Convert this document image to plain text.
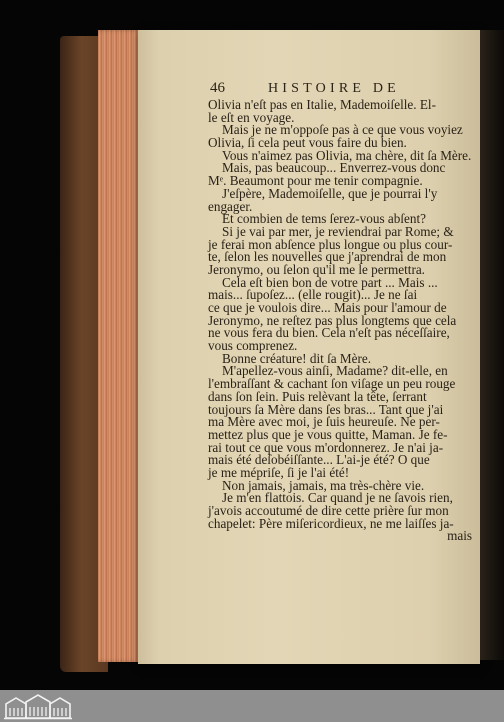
46	HISTOIRE DE
Olivia n'eſt pas en Italie, Mademoiſelle. El-
le eſt en voyage.
Mais je ne m'oppoſe pas à ce que vous voyiez
Olivia, ſi cela peut vous faire du bien.
Vous n'aimez pas Olivia, ma chère, dit ſa Mère.
Mais, pas beaucoup... Enverrez-vous donc
Mᵉ. Beaumont pour me tenir compagnie.
J'eſpère, Mademoiſelle, que je pourrai l'y
engager.
Et combien de tems ſerez-vous abſent?
Si je vai par mer, je reviendrai par Rome; &
je ferai mon abſence plus longue ou plus cour-
te, ſelon les nouvelles que j'aprendrai de mon
Jeronymo, ou ſelon qu'il me le permettra.
Cela eſt bien bon de votre part ... Mais ...
mais... ſupoſez... (elle rougit)... Je ne ſai
ce que je voulois dire... Mais pour l'amour de
Jeronymo, ne reſtez pas plus longtems que cela
ne vous fera du bien. Cela n'eſt pas néceſſaire,
vous comprenez.
Bonne créature! dit ſa Mère.
M'apellez-vous ainſi, Madame? dit-elle, en
l'embraſſant & cachant ſon viſage un peu rouge
dans ſon ſein. Puis relèvant la tête, ſerrant
toujours ſa Mère dans ſes bras... Tant que j'ai
ma Mère avec moi, je ſuis heureuſe. Ne per-
mettez plus que je vous quitte, Maman. Je fe-
rai tout ce que vous m'ordonnerez. Je n'ai ja-
mais été deſobéiſſante... L'ai-je été? O que
je me mépriſe, ſi je l'ai été!
Non jamais, jamais, ma très-chère vie.
Je m'en flattois. Car quand je ne ſavois rien,
j'avois accoutumé de dire cette prière ſur mon
chapelet: Père miſericordieux, ne me laiſſes ja-
mais
